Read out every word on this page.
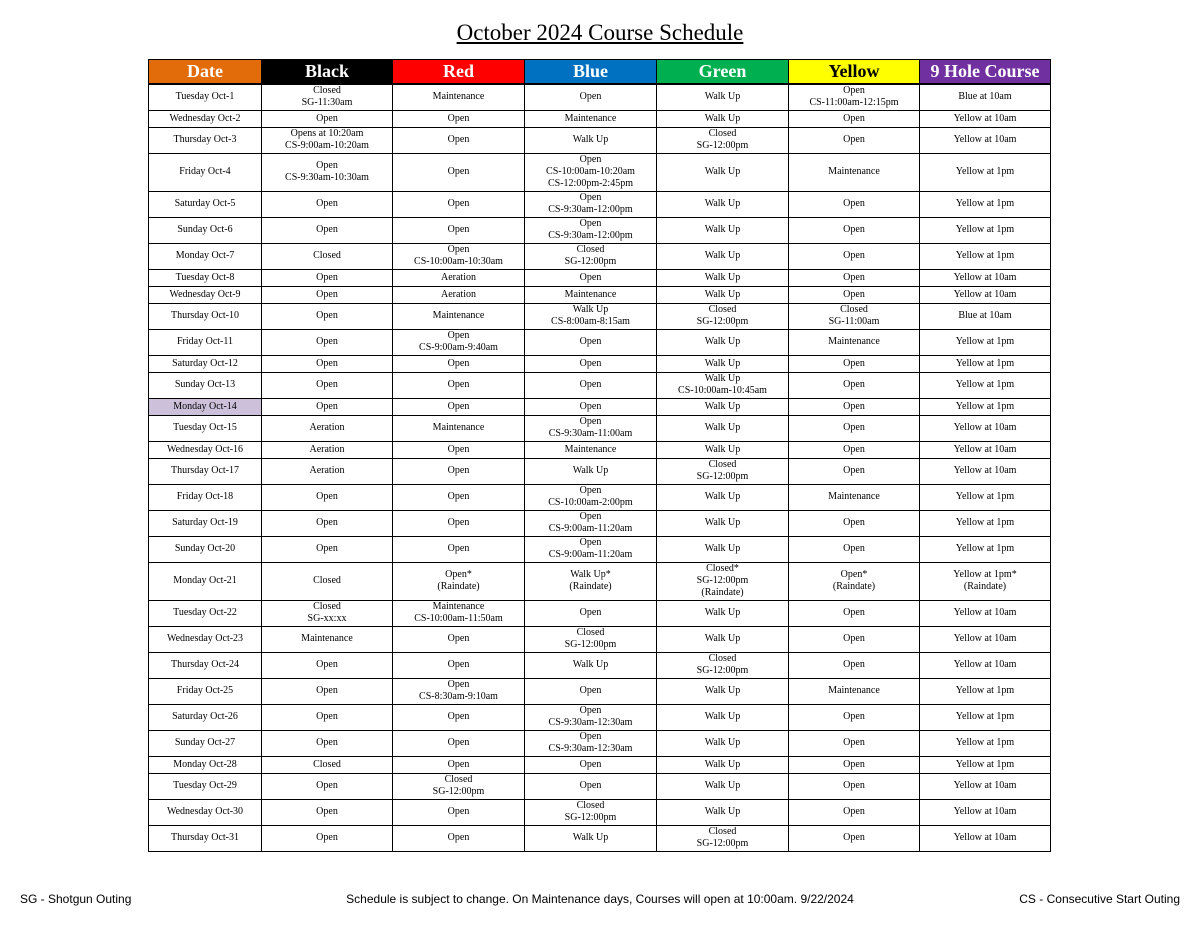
October 2024 Course Schedule
Date	Black	Red	Blue	Green	Yellow	9 Hole Course
Tuesday Oct-1	Closed
SG-11:30am	Maintenance	Open	Walk Up	Open
CS-11:00am-12:15pm	Blue at 10am

Wednesday Oct-2	Open	Open	Maintenance	Walk Up	Open	Yellow at 10am

Thursday Oct-3	Opens at 10:20am
CS-9:00am-10:20am	Open	Walk Up	Closed
SG-12:00pm	Open	Yellow at 10am

Friday Oct-4	Open
CS-9:30am-10:30am	Open	Open
CS-10:00am-10:20am
CS-12:00pm-2:45pm	Walk Up	Maintenance	Yellow at 1pm

Saturday Oct-5	Open	Open	Open
CS-9:30am-12:00pm	Walk Up	Open	Yellow at 1pm

Sunday Oct-6	Open	Open	Open
CS-9:30am-12:00pm	Walk Up	Open	Yellow at 1pm

Monday Oct-7	Closed	Open
CS-10:00am-10:30am	Closed
SG-12:00pm	Walk Up	Open	Yellow at 1pm

Tuesday Oct-8	Open	Aeration	Open	Walk Up	Open	Yellow at 10am

Wednesday Oct-9	Open	Aeration	Maintenance	Walk Up	Open	Yellow at 10am

Thursday Oct-10	Open	Maintenance	Walk Up
CS-8:00am-8:15am	Closed
SG-12:00pm	Closed
SG-11:00am	Blue at 10am

Friday Oct-11	Open	Open
CS-9:00am-9:40am	Open	Walk Up	Maintenance	Yellow at 1pm

Saturday Oct-12	Open	Open	Open	Walk Up	Open	Yellow at 1pm

Sunday Oct-13	Open	Open	Open	Walk Up
CS-10:00am-10:45am	Open	Yellow at 1pm

Monday Oct-14	Open	Open	Open	Walk Up	Open	Yellow at 1pm

Tuesday Oct-15	Aeration	Maintenance	Open
CS-9:30am-11:00am	Walk Up	Open	Yellow at 10am

Wednesday Oct-16	Aeration	Open	Maintenance	Walk Up	Open	Yellow at 10am

Thursday Oct-17	Aeration	Open	Walk Up	Closed
SG-12:00pm	Open	Yellow at 10am

Friday Oct-18	Open	Open	Open
CS-10:00am-2:00pm	Walk Up	Maintenance	Yellow at 1pm

Saturday Oct-19	Open	Open	Open
CS-9:00am-11:20am	Walk Up	Open	Yellow at 1pm

Sunday Oct-20	Open	Open	Open
CS-9:00am-11:20am	Walk Up	Open	Yellow at 1pm

Monday Oct-21	Closed	Open*
(Raindate)	Walk Up*
(Raindate)	Closed*
SG-12:00pm
(Raindate)	Open*
(Raindate)	Yellow at 1pm*
(Raindate)

Tuesday Oct-22	Closed
SG-xx:xx	Maintenance
CS-10:00am-11:50am	Open	Walk Up	Open	Yellow at 10am

Wednesday Oct-23	Maintenance	Open	Closed
SG-12:00pm	Walk Up	Open	Yellow at 10am

Thursday Oct-24	Open	Open	Walk Up	Closed
SG-12:00pm	Open	Yellow at 10am

Friday Oct-25	Open	Open
CS-8:30am-9:10am	Open	Walk Up	Maintenance	Yellow at 1pm

Saturday Oct-26	Open	Open	Open
CS-9:30am-12:30am	Walk Up	Open	Yellow at 1pm

Sunday Oct-27	Open	Open	Open
CS-9:30am-12:30am	Walk Up	Open	Yellow at 1pm

Monday Oct-28	Closed	Open	Open	Walk Up	Open	Yellow at 1pm

Tuesday Oct-29	Open	Closed
SG-12:00pm	Open	Walk Up	Open	Yellow at 10am

Wednesday Oct-30	Open	Open	Closed
SG-12:00pm	Walk Up	Open	Yellow at 10am

Thursday Oct-31	Open	Open	Walk Up	Closed
SG-12:00pm	Open	Yellow at 10am
SG - Shotgun Outing	Schedule is subject to change. On Maintenance days, Courses will open at 10:00am. 9/22/2024	CS - Consecutive Start Outing
